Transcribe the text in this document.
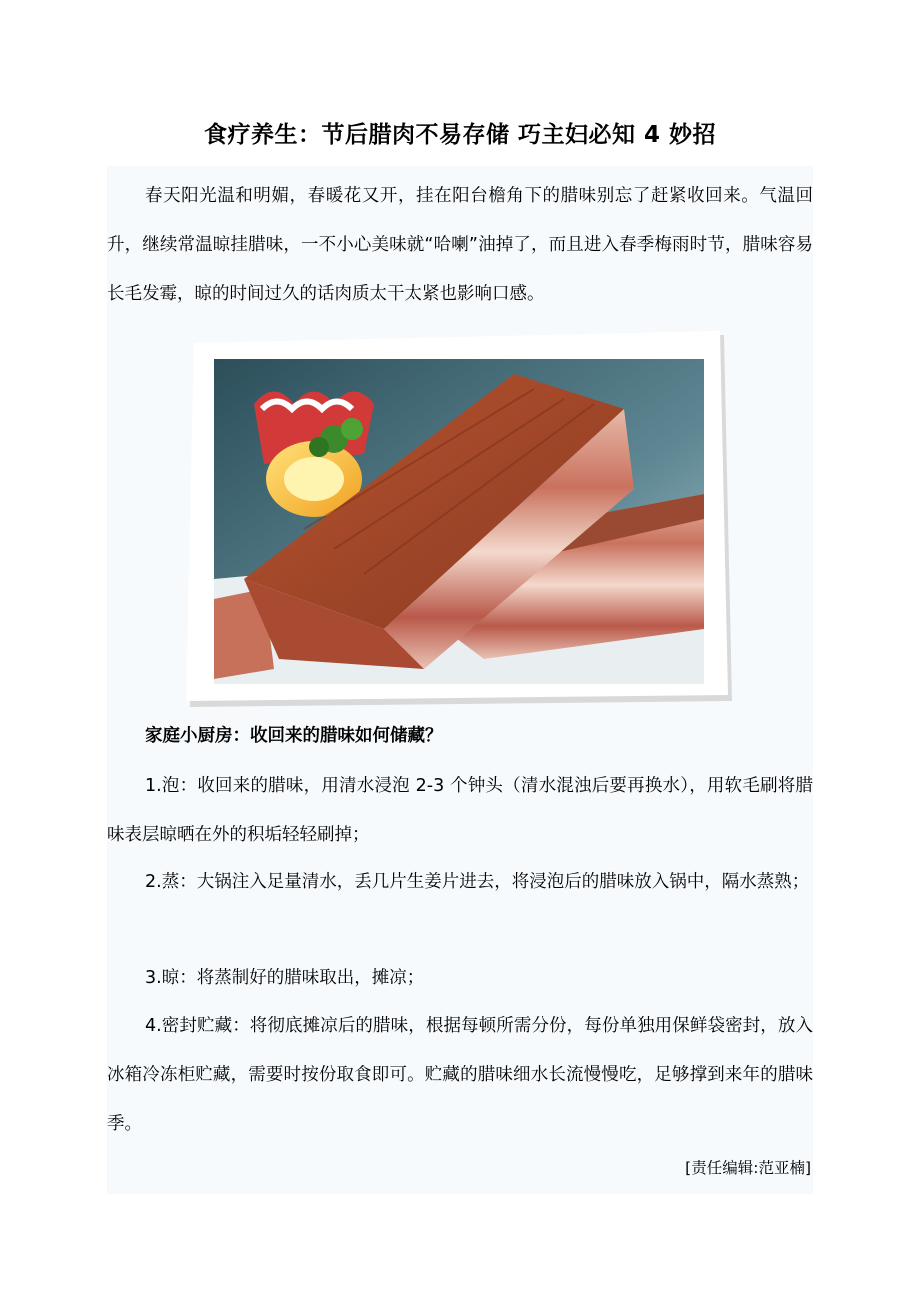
食疗养生：节后腊肉不易存储 巧主妇必知 4 妙招

春天阳光温和明媚，春暖花又开，挂在阳台檐角下的腊味别忘了赶紧收回来。气温回升，继续常温晾挂腊味，一不小心美味就“哈喇”油掉了，而且进入春季梅雨时节，腊味容易长毛发霉，晾的时间过久的话肉质太干太紧也影响口感。

家庭小厨房：收回来的腊味如何储藏？

1.泡：收回来的腊味，用清水浸泡 2-3 个钟头（清水混浊后要再换水），用软毛刷将腊味表层晾晒在外的积垢轻轻刷掉；

2.蒸：大锅注入足量清水，丢几片生姜片进去，将浸泡后的腊味放入锅中，隔水蒸熟；

3.晾：将蒸制好的腊味取出，摊凉；

4.密封贮藏：将彻底摊凉后的腊味，根据每顿所需分份，每份单独用保鲜袋密封，放入冰箱冷冻柜贮藏，需要时按份取食即可。贮藏的腊味细水长流慢慢吃，足够撑到来年的腊味季。

[责任编辑:范亚楠]
